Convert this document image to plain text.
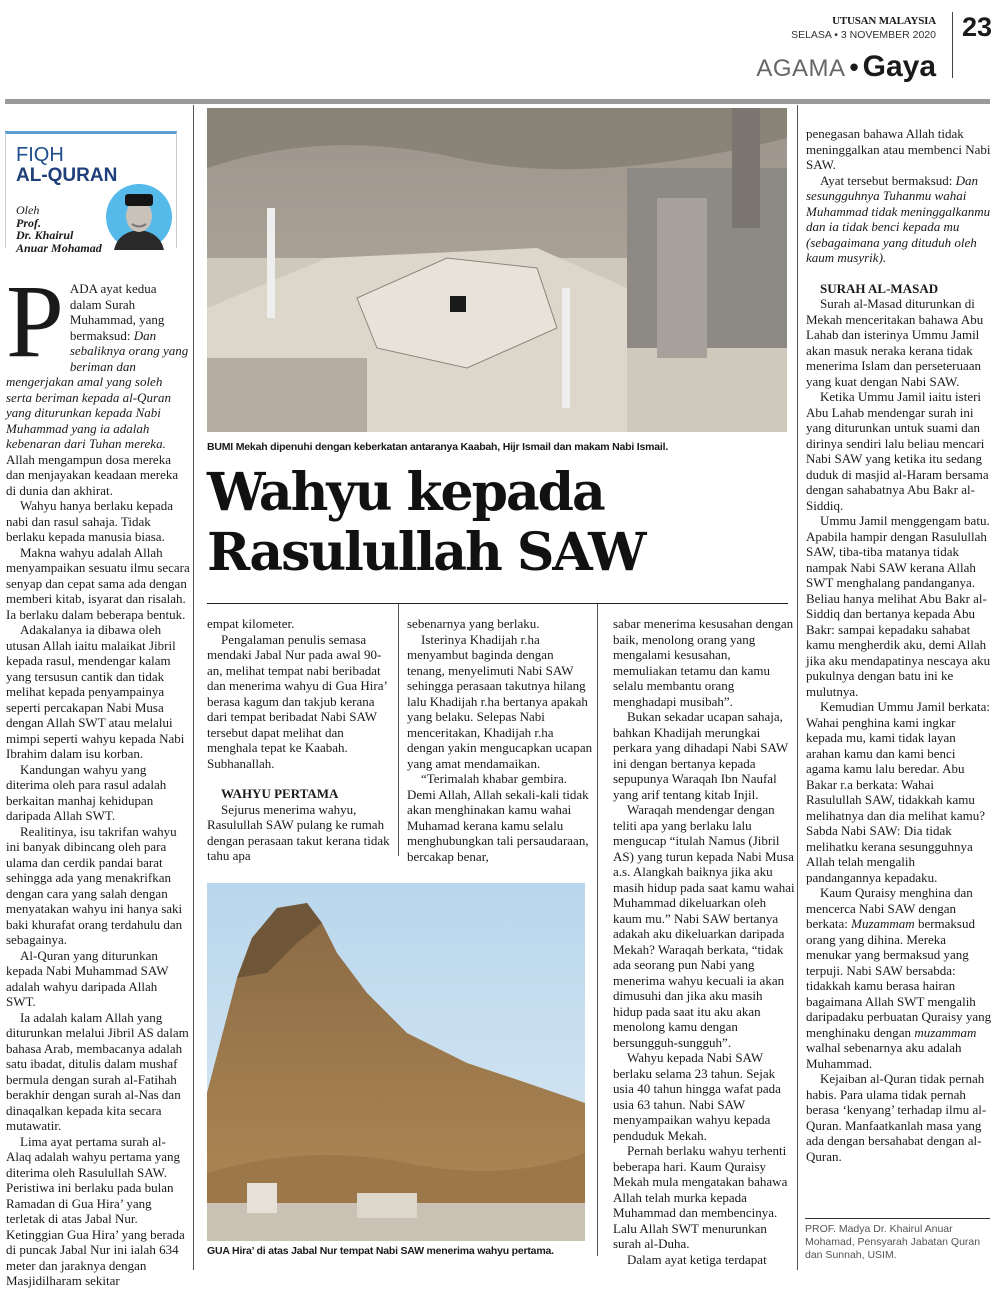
UTUSAN MALAYSIA
SELASA • 3 NOVEMBER 2020 23
AGAMA • Gaya
FIQH
AL-QURAN
Oleh
Prof.
Dr. Khairul
Anuar Mohamad

PADA ayat kedua dalam Surah Muhammad, yang bermaksud: Dan sebaliknya orang yang beriman dan mengerjakan amal yang soleh serta beriman kepada al-Quran yang diturunkan kepada Nabi Muhammad yang ia adalah kebenaran dari Tuhan mereka. Allah mengampun dosa mereka dan menjayakan keadaan mereka di dunia dan akhirat.

Wahyu hanya berlaku kepada nabi dan rasul sahaja. Tidak berlaku kepada manusia biasa.

Makna wahyu adalah Allah menyampaikan sesuatu ilmu secara senyap dan cepat sama ada dengan memberi kitab, isyarat dan risalah. Ia berlaku dalam beberapa bentuk.

Adakalanya ia dibawa oleh utusan Allah iaitu malaikat Jibril kepada rasul, mendengar kalam yang tersusun cantik dan tidak melihat kepada penyampainya seperti percakapan Nabi Musa dengan Allah SWT atau melalui mimpi seperti wahyu kepada Nabi Ibrahim dalam isu korban.

Kandungan wahyu yang diterima oleh para rasul adalah berkaitan manhaj kehidupan daripada Allah SWT.

Realitinya, isu takrifan wahyu ini banyak dibincang oleh para ulama dan cerdik pandai barat sehingga ada yang menakrifkan dengan cara yang salah dengan menyatakan wahyu ini hanya saki baki khurafat orang terdahulu dan sebagainya.

Al-Quran yang diturunkan kepada Nabi Muhammad SAW adalah wahyu daripada Allah SWT.

Ia adalah kalam Allah yang diturunkan melalui Jibril AS dalam bahasa Arab, membacanya adalah satu ibadat, ditulis dalam mushaf bermula dengan surah al-Fatihah berakhir dengan surah al-Nas dan dinaqalkan kepada kita secara mutawatir.

Lima ayat pertama surah al-Alaq adalah wahyu pertama yang diterima oleh Rasulullah SAW. Peristiwa ini berlaku pada bulan Ramadan di Gua Hira’ yang terletak di atas Jabal Nur. Ketinggian Gua Hira’ yang berada di puncak Jabal Nur ini ialah 634 meter dan jaraknya dengan Masjidilharam sekitar

BUMI Mekah dipenuhi dengan keberkatan antaranya Kaabah, Hijr Ismail dan makam Nabi Ismail.
Wahyu kepada
Rasulullah SAW

empat kilometer.

Pengalaman penulis semasa mendaki Jabal Nur pada awal 90-an, melihat tempat nabi beribadat dan menerima wahyu di Gua Hira’ berasa kagum dan takjub kerana dari tempat beribadat Nabi SAW tersebut dapat melihat dan menghala tepat ke Kaabah. Subhanallah.

WAHYU PERTAMA

Sejurus menerima wahyu, Rasulullah SAW pulang ke rumah dengan perasaan takut kerana tidak tahu apa

sebenarnya yang berlaku.

Isterinya Khadijah r.ha menyambut baginda dengan tenang, menyelimuti Nabi SAW sehingga perasaan takutnya hilang lalu Khadijah r.ha bertanya apakah yang belaku. Selepas Nabi menceritakan, Khadijah r.ha dengan yakin mengucapkan ucapan yang amat mendamaikan.

“Terimalah khabar gembira. Demi Allah, Allah sekali-kali tidak akan menghinakan kamu wahai Muhamad kerana kamu selalu menghubungkan tali persaudaraan, bercakap benar,

sabar menerima kesusahan dengan baik, menolong orang yang mengalami kesusahan, memuliakan tetamu dan kamu selalu membantu orang menghadapi musibah”.

Bukan sekadar ucapan sahaja, bahkan Khadijah merungkai perkara yang dihadapi Nabi SAW ini dengan bertanya kepada sepupunya Waraqah Ibn Naufal yang arif tentang kitab Injil.

Waraqah mendengar dengan teliti apa yang berlaku lalu mengucap “itulah Namus (Jibril AS) yang turun kepada Nabi Musa a.s. Alangkah baiknya jika aku masih hidup pada saat kamu wahai Muhammad dikeluarkan oleh kaum mu.” Nabi SAW bertanya adakah aku dikeluarkan daripada Mekah? Waraqah berkata, “tidak ada seorang pun Nabi yang menerima wahyu kecuali ia akan dimusuhi dan jika aku masih hidup pada saat itu aku akan menolong kamu dengan bersungguh-sungguh”.

Wahyu kepada Nabi SAW berlaku selama 23 tahun. Sejak usia 40 tahun hingga wafat pada usia 63 tahun. Nabi SAW menyampaikan wahyu kepada penduduk Mekah.

Pernah berlaku wahyu terhenti beberapa hari. Kaum Quraisy Mekah mula mengatakan bahawa Allah telah murka kepada Muhammad dan membencinya. Lalu Allah SWT menurunkan surah al-Duha.

Dalam ayat ketiga terdapat

GUA Hira’ di atas Jabal Nur tempat Nabi SAW menerima wahyu pertama.

penegasan bahawa Allah tidak meninggalkan atau membenci Nabi SAW.

Ayat tersebut bermaksud: Dan sesungguhnya Tuhanmu wahai Muhammad tidak meninggalkanmu dan ia tidak benci kepada mu (sebagaimana yang dituduh oleh kaum musyrik).

SURAH AL-MASAD

Surah al-Masad diturunkan di Mekah menceritakan bahawa Abu Lahab dan isterinya Ummu Jamil akan masuk neraka kerana tidak menerima Islam dan perseteruaan yang kuat dengan Nabi SAW.

Ketika Ummu Jamil iaitu isteri Abu Lahab mendengar surah ini yang diturunkan untuk suami dan dirinya sendiri lalu beliau mencari Nabi SAW yang ketika itu sedang duduk di masjid al-Haram bersama dengan sahabatnya Abu Bakr al-Siddiq.

Ummu Jamil menggengam batu. Apabila hampir dengan Rasulullah SAW, tiba-tiba matanya tidak nampak Nabi SAW kerana Allah SWT menghalang pandanganya. Beliau hanya melihat Abu Bakr al-Siddiq dan bertanya kepada Abu Bakr: sampai kepadaku sahabat kamu mengherdik aku, demi Allah jika aku mendapatinya nescaya aku pukulnya dengan batu ini ke mulutnya.

Kemudian Ummu Jamil berkata: Wahai penghina kami ingkar kepada mu, kami tidak layan arahan kamu dan kami benci agama kamu lalu beredar. Abu Bakar r.a berkata: Wahai Rasulullah SAW, tidakkah kamu melihatnya dan dia melihat kamu? Sabda Nabi SAW: Dia tidak melihatku kerana sesungguhnya Allah telah mengalih pandangannya kepadaku.

Kaum Quraisy menghina dan mencerca Nabi SAW dengan berkata: Muzammam bermaksud orang yang dihina. Mereka menukar yang bermaksud yang terpuji. Nabi SAW bersabda: tidakkah kamu berasa hairan bagaimana Allah SWT mengalih daripadaku perbuatan Quraisy yang menghinaku dengan muzammam walhal sebenarnya aku adalah Muhammad.

Kejaiban al-Quran tidak pernah habis. Para ulama tidak pernah berasa ‘kenyang’ terhadap ilmu al-Quran. Manfaatkanlah masa yang ada dengan bersahabat dengan al-Quran.

PROF. Madya Dr. Khairul Anuar Mohamad, Pensyarah Jabatan Quran dan Sunnah, USIM.
